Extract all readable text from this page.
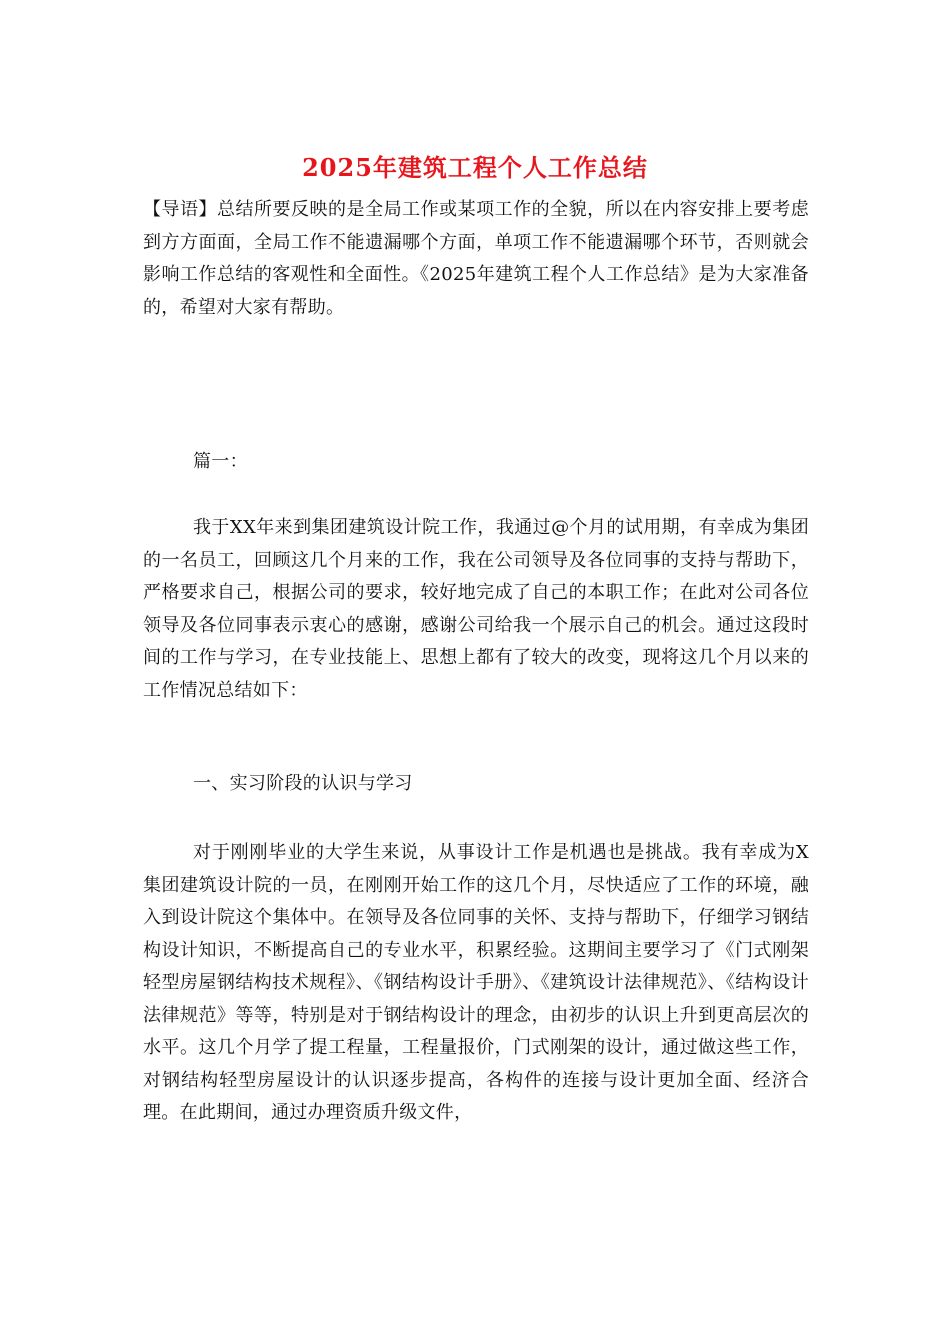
2025年建筑工程个人工作总结
【导语】总结所要反映的是全局工作或某项工作的全貌，所以在内容安排上要考虑到方方面面，全局工作不能遗漏哪个方面，单项工作不能遗漏哪个环节，否则就会影响工作总结的客观性和全面性。《2025年建筑工程个人工作总结》是为大家准备的，希望对大家有帮助。
篇一：
我于XX年来到集团建筑设计院工作，我通过@个月的试用期，有幸成为集团的一名员工，回顾这几个月来的工作，我在公司领导及各位同事的支持与帮助下，严格要求自己，根据公司的要求，较好地完成了自己的本职工作；在此对公司各位领导及各位同事表示衷心的感谢，感谢公司给我一个展示自己的机会。通过这段时间的工作与学习，在专业技能上、思想上都有了较大的改变，现将这几个月以来的工作情况总结如下：
一、实习阶段的认识与学习
对于刚刚毕业的大学生来说，从事设计工作是机遇也是挑战。我有幸成为X集团建筑设计院的一员，在刚刚开始工作的这几个月，尽快适应了工作的环境，融入到设计院这个集体中。在领导及各位同事的关怀、支持与帮助下，仔细学习钢结构设计知识，不断提高自己的专业水平，积累经验。这期间主要学习了《门式刚架轻型房屋钢结构技术规程》、《钢结构设计手册》、《建筑设计法律规范》、《结构设计法律规范》等等，特别是对于钢结构设计的理念，由初步的认识上升到更高层次的水平。这几个月学了提工程量，工程量报价，门式刚架的设计，通过做这些工作，对钢结构轻型房屋设计的认识逐步提高，各构件的连接与设计更加全面、经济合理。在此期间，通过办理资质升级文件，
